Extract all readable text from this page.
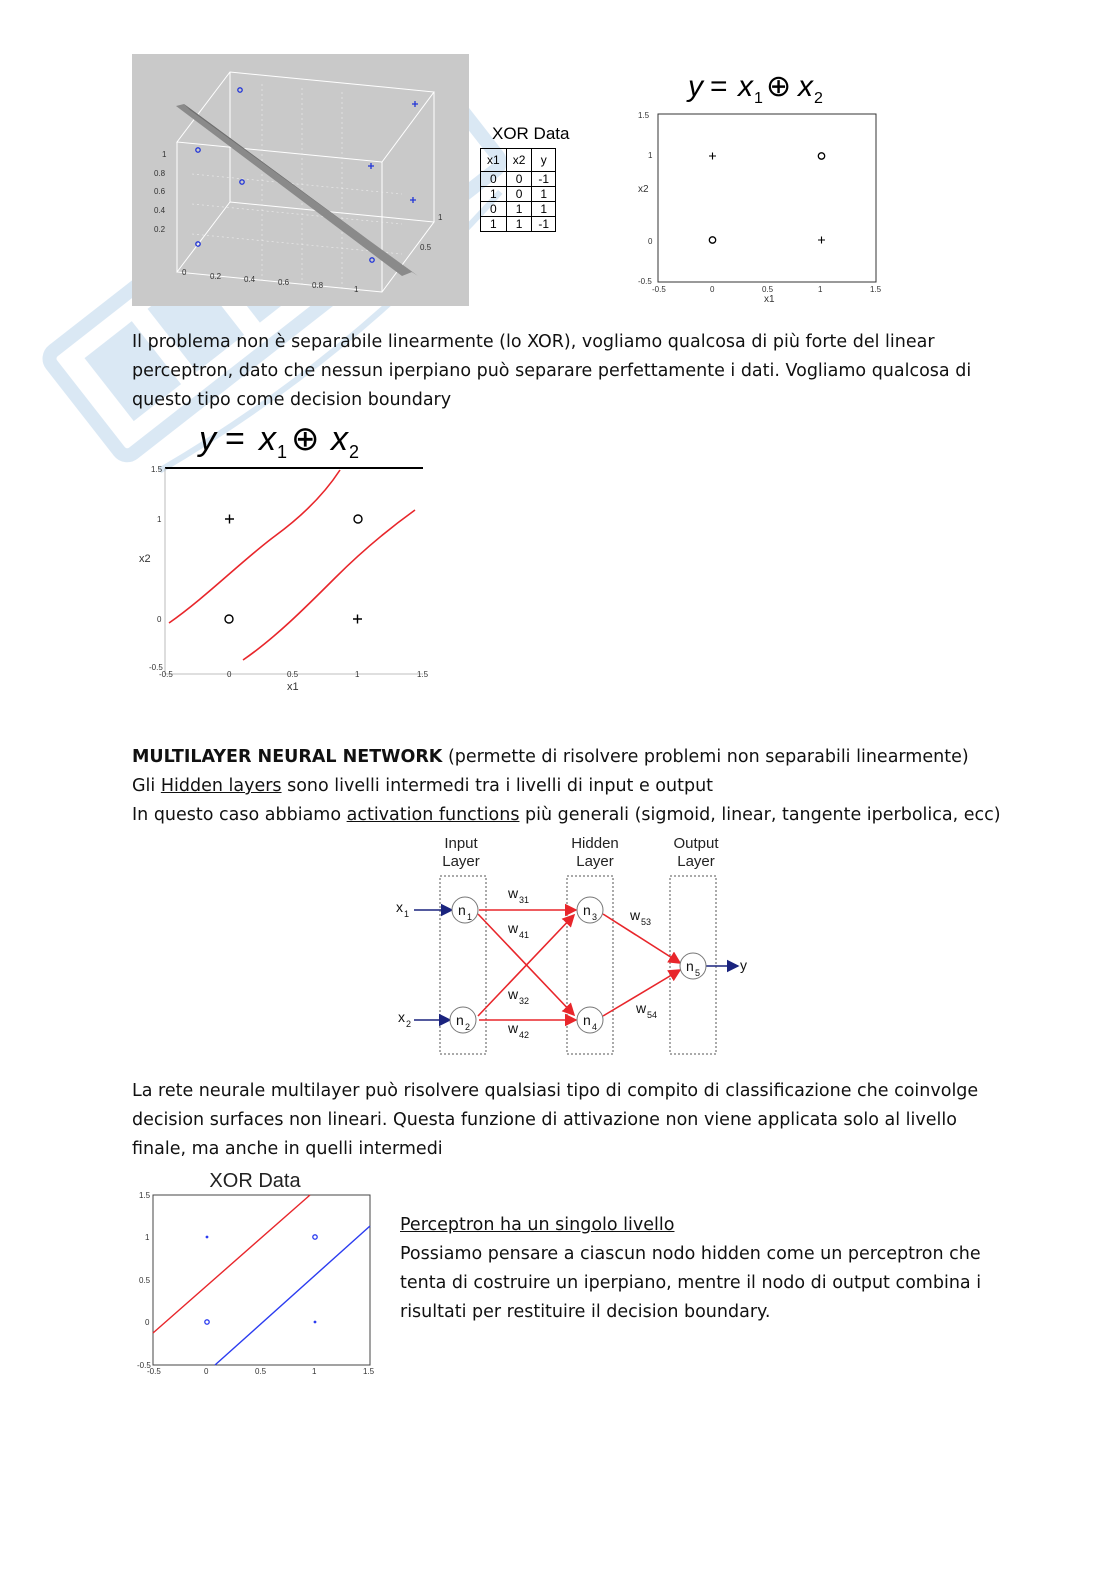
1
0.8
0.6
0.4
0.2
0	0.2	0.4	0.6	0.8	1
1
0.5
XOR Data
x1	x2	y
0	0	-1
1	0	1
0	1	1
1	1	-1
y = x 1 ⊕ x 2
1.5
1
0
-0.5
-0.5	0	0.5	1	1.5
x2
x1

Il problema non è separabile linearmente (lo XOR), vogliamo qualcosa di più forte del linear perceptron, dato che nessun iperpiano può separare perfettamente i dati. Vogliamo qualcosa di questo tipo come decision boundary

y = x 1 ⊕ x 2
1.5
1
0
-0.5
-0.5	0	0.5	1	1.5
x2
x1

MULTILAYER NEURAL NETWORK (permette di risolvere problemi non separabili linearmente)

Gli Hidden layers sono livelli intermedi tra i livelli di input e output

In questo caso abbiamo activation functions più generali (sigmoid, linear, tangente iperbolica, ecc)

Input
Layer
Hidden
Layer
Output
Layer
n 1
n 2
n 3
n 4
n 5
x 1
x 2
y
w 31
w 41
w 32
w 42
w 53
w 54

La rete neurale multilayer può risolvere qualsiasi tipo di compito di classificazione che coinvolge decision surfaces non lineari. Questa funzione di attivazione non viene applicata solo al livello finale, ma anche in quelli intermedi

XOR Data
1.5
1
0.5
0
-0.5
-0.5	0	0.5	1	1.5

Perceptron ha un singolo livello

Possiamo pensare a ciascun nodo hidden come un perceptron che tenta di costruire un iperpiano, mentre il nodo di output combina i risultati per restituire il decision boundary.
